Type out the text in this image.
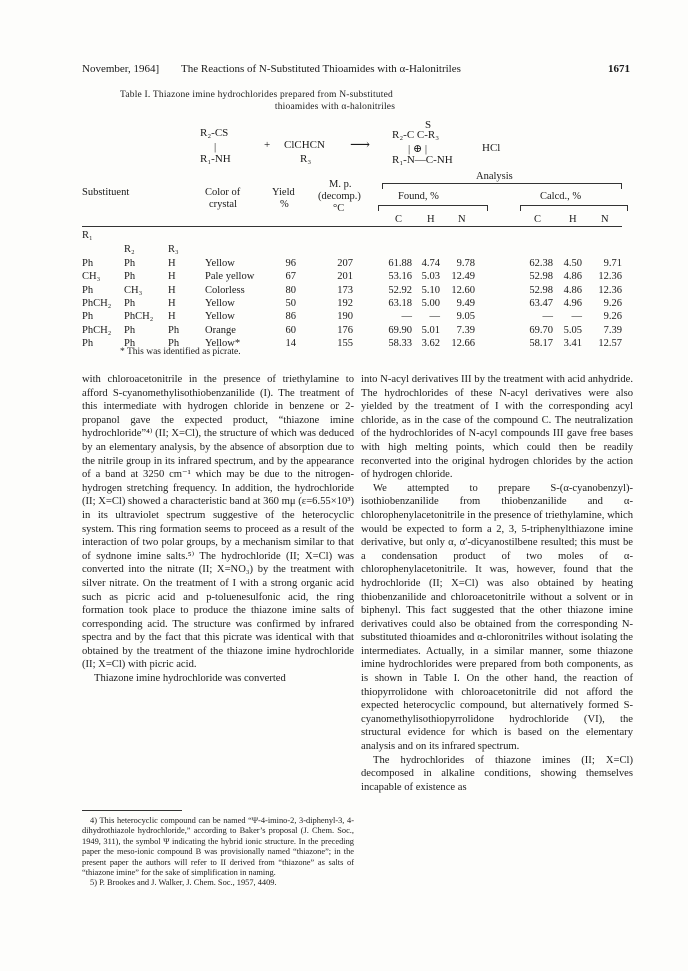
November, 1964] The Reactions of N-Substituted Thioamides with α-Halonitriles	1671
Table I. Thiazone imine hydrochlorides prepared from N-substituted
thioamides with α-halonitriles
R₂-CS
|
R₁-NH
+ ClCHCN
R₃
⟶
S
R₂-C C-R₃
| ⊕ |
R₁-N—C-NH
HCl
Substituent	Color of
crystal
Yield
%
M. p.
(decomp.)
°C
Analysis
Found, %	Calcd., %
C H N	C	H N
R₁
R₂	R₃
Ph	Ph	H	Yellow	96	207	61.88 4.74 9.78	62.38 4.50 9.71
CH₃ Ph	H	Pale yellow	67	201	53.16 5.03 12.49	52.98 4.86 12.36
Ph	CH₃ H	Colorless	80	173	52.92 5.10 12.60	52.98 4.86 12.36
PhCH₂ Ph	H	Yellow	50	192	63.18 5.00 9.49	63.47 4.96 9.26
Ph	PhCH₂ H	Yellow	86	190	— — 9.05	— — 9.26
PhCH₂ Ph	Ph Orange	60	176	69.90 5.01 7.39	69.70 5.05 7.39
Ph	Ph	Ph Yellow*	14	155	58.33 3.62 12.66	58.17 3.41 12.57
* This was identified as picrate.

with chloroacetonitrile in the presence of triethylamine to afford S-cyanomethylisothiobenzanilide (I). The treatment of this intermediate with hydrogen chloride in benzene or 2-propanol gave the expected product, “thiazone imine hydrochloride”⁴⁾ (II; X=Cl), the structure of which was deduced by an elementary analysis, by the absence of absorption due to the nitrile group in its infrared spectrum, and by the appearance of a band at 3250 cm⁻¹ which may be due to the nitrogen-hydrogen stretching frequency. In addition, the hydrochloride (II; X=Cl) showed a characteristic band at 360 mμ (ε=6.55×10³) in its ultraviolet spectrum suggestive of the heterocyclic system. This ring formation seems to proceed as a result of the interaction of two polar groups, by a mechanism similar to that of sydnone imine salts.⁵⁾ The hydrochloride (II; X=Cl) was converted into the nitrate (II; X=NO₃) by the treatment with silver nitrate. On the treatment of I with a strong organic acid such as picric acid and p-toluenesulfonic acid, the ring formation took place to produce the thiazone imine salts of corresponding acid. The structure was confirmed by infrared spectra and by the fact that this picrate was identical with that obtained by the treatment of the thiazone imine hydrochloride (II; X=Cl) with picric acid.

Thiazone imine hydrochloride was converted

into N-acyl derivatives III by the treatment with acid anhydride. The hydrochlorides of these N-acyl derivatives were also yielded by the treatment of I with the corresponding acyl chloride, as in the case of the compound C. The neutralization of the hydrochlorides of N-acyl compounds III gave free bases with high melting points, which could then be readily reconverted into the original hydrogen chlorides by the action of hydrogen chloride.

We attempted to prepare S-(α-cyanobenzyl)-isothiobenzanilide from thiobenzanilide and α-chlorophenylacetonitrile in the presence of triethylamine, which would be expected to form a 2, 3, 5-triphenylthiazone imine derivative, but only α, α′-dicyanostilbene resulted; this must be a condensation product of two moles of α-chlorophenylacetonitrile. It was, however, found that the hydrochloride (II; X=Cl) was also obtained by heating thiobenzanilide and chloroacetonitrile without a solvent or in biphenyl. This fact suggested that the other thiazone imine derivatives could also be obtained from the corresponding N-substituted thioamides and α-chloronitriles without isolating the intermediates. Actually, in a similar manner, some thiazone imine hydrochlorides were prepared from both components, as is shown in Table I. On the other hand, the reaction of thiopyrrolidone with chloroacetonitrile did not afford the expected heterocyclic compound, but alternatively formed S-cyanomethylisothiopyrrolidone hydrochloride (VI), the structural evidence for which is based on the elementary analysis and on its infrared spectrum.

The hydrochlorides of thiazone imines (II; X=Cl) decomposed in alkaline conditions, showing themselves incapable of existence as

4) This heterocyclic compound can be named “Ψ-4-imino-2, 3-diphenyl-3, 4-dihydrothiazole hydrochloride,” according to Baker’s proposal (J. Chem. Soc., 1949, 311), the symbol Ψ indicating the hybrid ionic structure. In the preceding paper the meso-ionic compound B was provisionally named “thiazone”; in the present paper the authors will refer to II derived from “thiazone” as salts of “thiazone imine” for the sake of simplification in naming.

5) P. Brookes and J. Walker, J. Chem. Soc., 1957, 4409.
